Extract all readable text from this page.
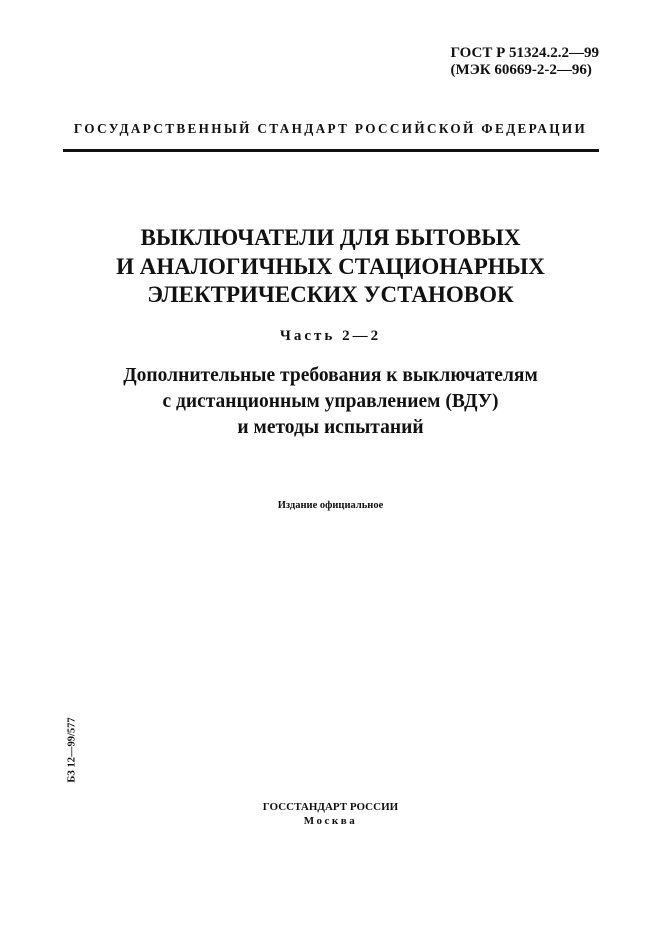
ГОСТ Р 51324.2.2—99
(МЭК 60669-2-2—96)
ГОСУДАРСТВЕННЫЙ СТАНДАРТ РОССИЙСКОЙ ФЕДЕРАЦИИ
ВЫКЛЮЧАТЕЛИ ДЛЯ БЫТОВЫХ
И АНАЛОГИЧНЫХ СТАЦИОНАРНЫХ
ЭЛЕКТРИЧЕСКИХ УСТАНОВОК
Часть 2—2
Дополнительные требования к выключателям
с дистанционным управлением (ВДУ)
и методы испытаний
Издание официальное
БЗ 12—99/577
ГОССТАНДАРТ РОССИИ
Москва
